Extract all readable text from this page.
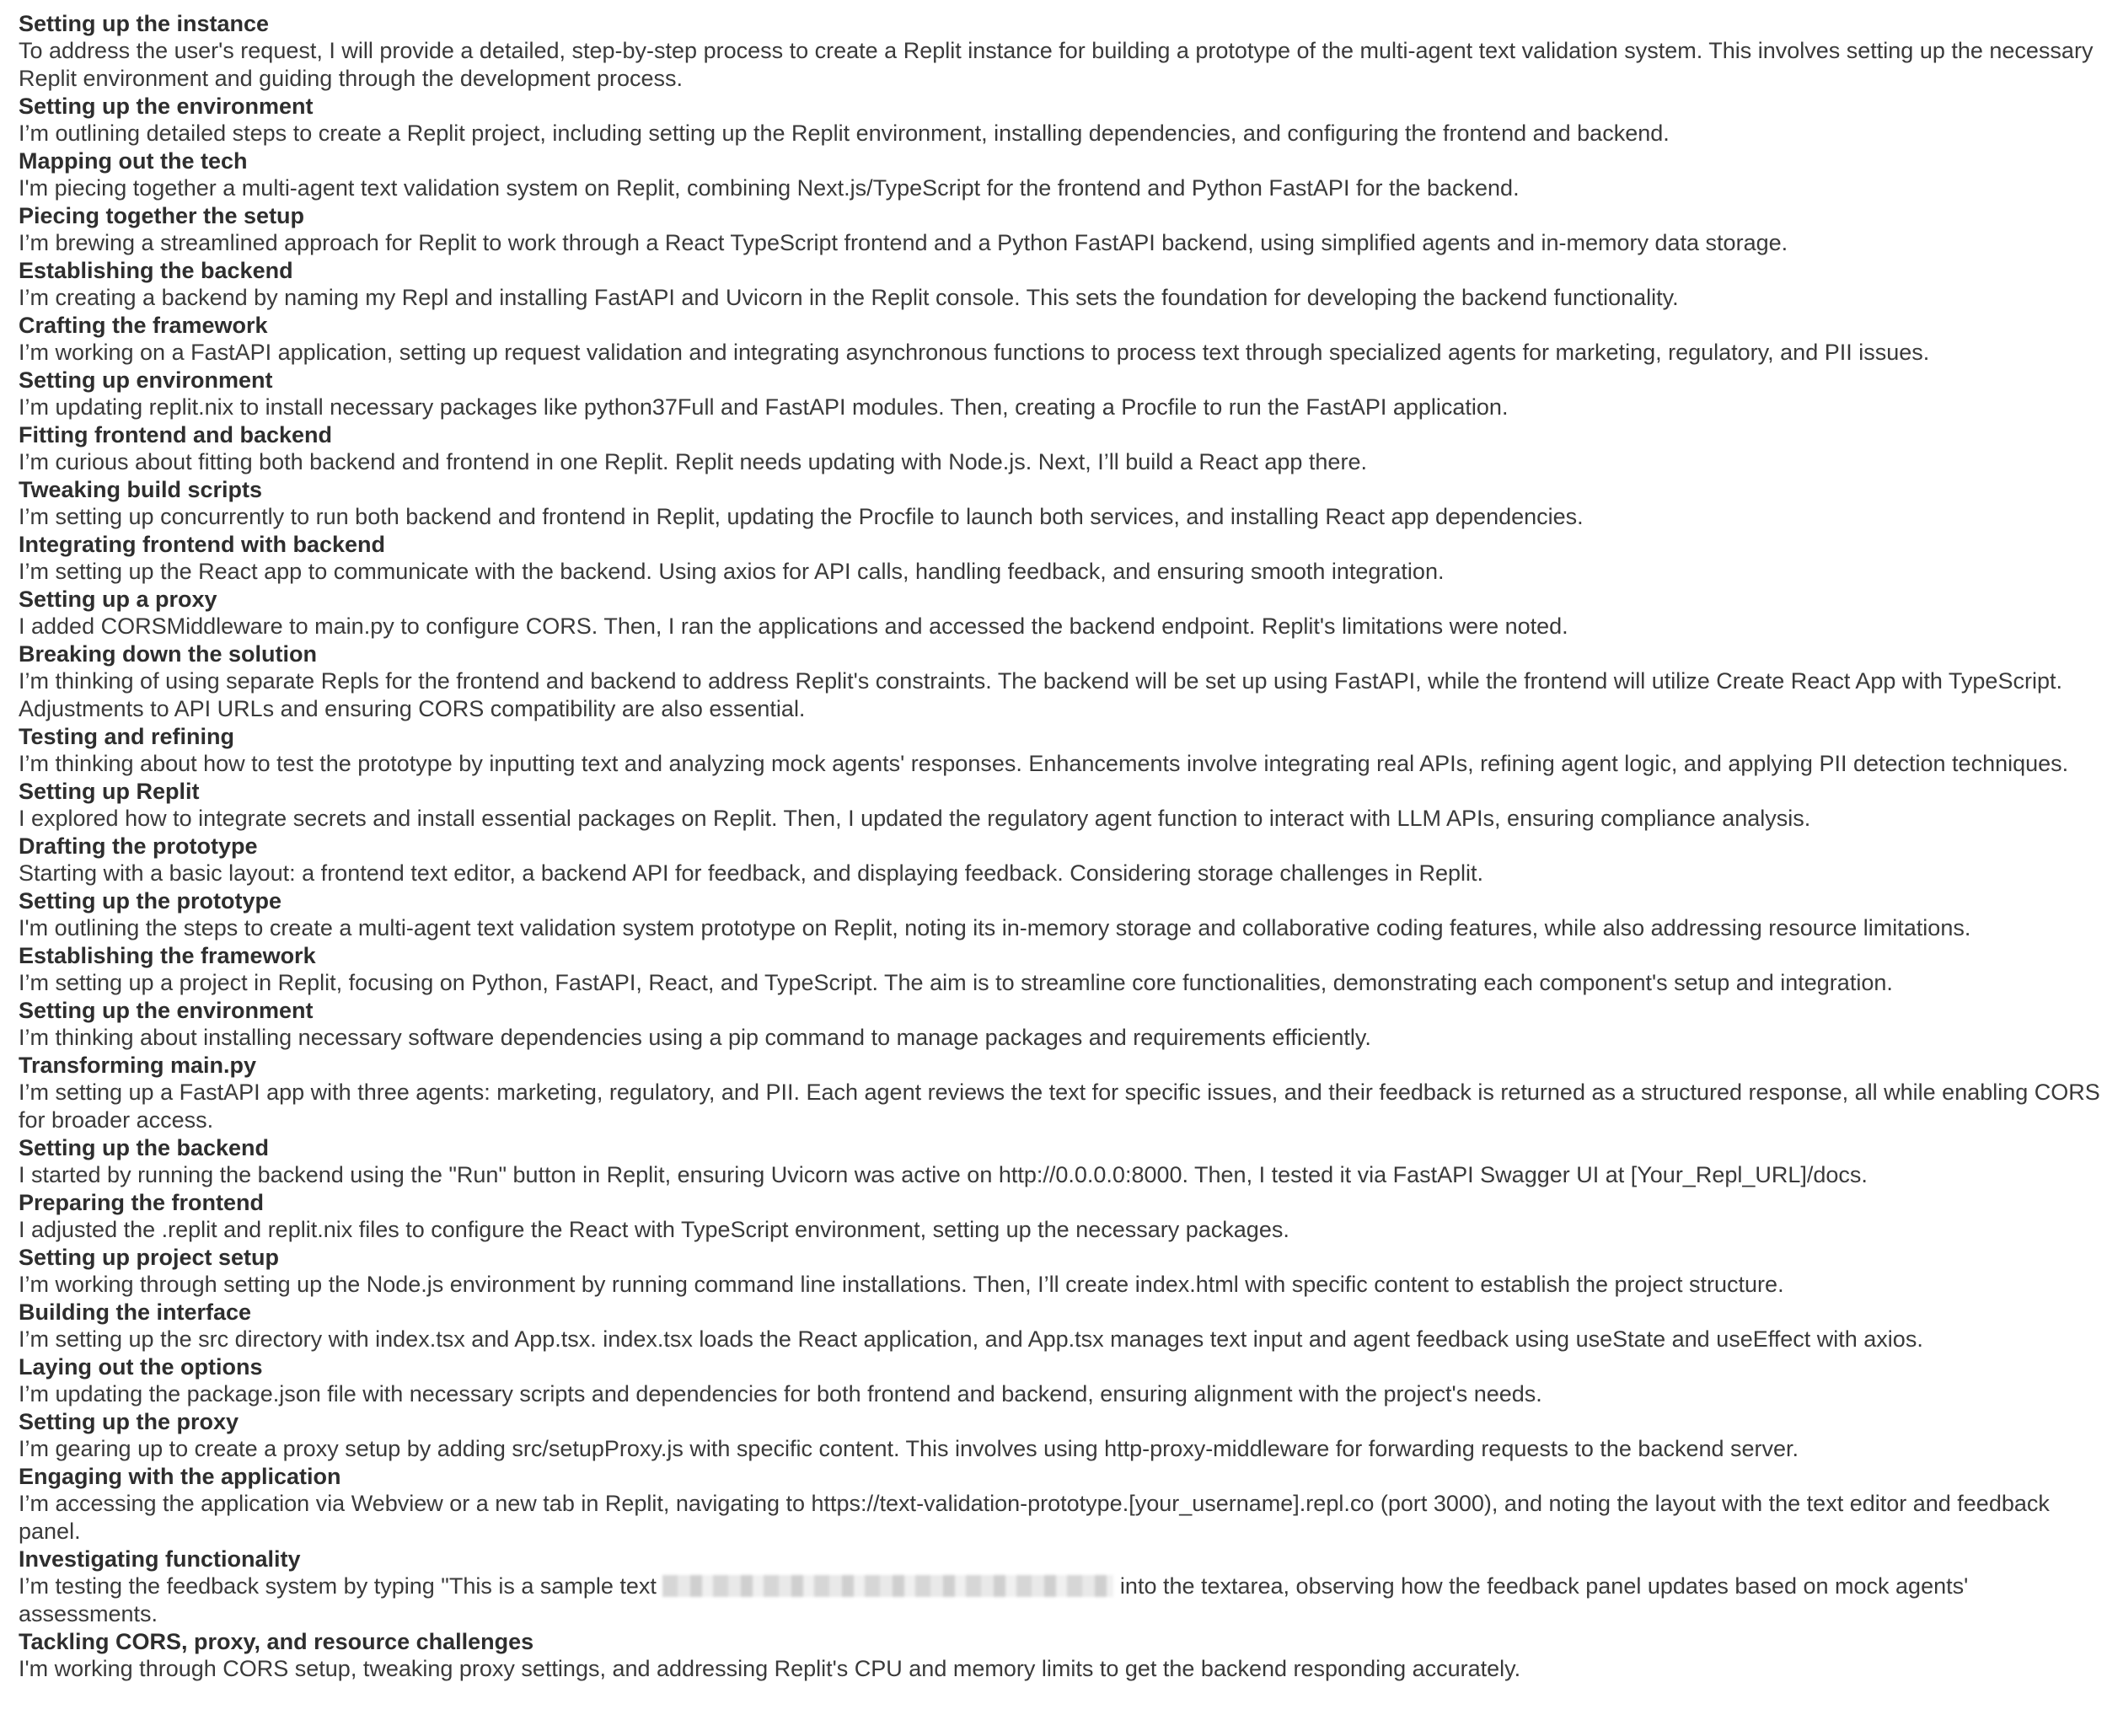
Setting up the instance
To address the user's request, I will provide a detailed, step-by-step process to create a Replit instance for building a prototype of the multi-agent text validation system. This involves setting up the necessary Replit environment and guiding through the development process.
Setting up the environment
I’m outlining detailed steps to create a Replit project, including setting up the Replit environment, installing dependencies, and configuring the frontend and backend.
Mapping out the tech
I'm piecing together a multi-agent text validation system on Replit, combining Next.js/TypeScript for the frontend and Python FastAPI for the backend.
Piecing together the setup
I’m brewing a streamlined approach for Replit to work through a React TypeScript frontend and a Python FastAPI backend, using simplified agents and in-memory data storage.
Establishing the backend
I’m creating a backend by naming my Repl and installing FastAPI and Uvicorn in the Replit console. This sets the foundation for developing the backend functionality.
Crafting the framework
I’m working on a FastAPI application, setting up request validation and integrating asynchronous functions to process text through specialized agents for marketing, regulatory, and PII issues.
Setting up environment
I’m updating replit.nix to install necessary packages like python37Full and FastAPI modules. Then, creating a Procfile to run the FastAPI application.
Fitting frontend and backend
I’m curious about fitting both backend and frontend in one Replit. Replit needs updating with Node.js. Next, I’ll build a React app there.
Tweaking build scripts
I’m setting up concurrently to run both backend and frontend in Replit, updating the Procfile to launch both services, and installing React app dependencies.
Integrating frontend with backend
I’m setting up the React app to communicate with the backend. Using axios for API calls, handling feedback, and ensuring smooth integration.
Setting up a proxy
I added CORSMiddleware to main.py to configure CORS. Then, I ran the applications and accessed the backend endpoint. Replit's limitations were noted.
Breaking down the solution
I’m thinking of using separate Repls for the frontend and backend to address Replit's constraints. The backend will be set up using FastAPI, while the frontend will utilize Create React App with TypeScript. Adjustments to API URLs and ensuring CORS compatibility are also essential.
Testing and refining
I’m thinking about how to test the prototype by inputting text and analyzing mock agents' responses. Enhancements involve integrating real APIs, refining agent logic, and applying PII detection techniques.
Setting up Replit
I explored how to integrate secrets and install essential packages on Replit. Then, I updated the regulatory agent function to interact with LLM APIs, ensuring compliance analysis.
Drafting the prototype
Starting with a basic layout: a frontend text editor, a backend API for feedback, and displaying feedback. Considering storage challenges in Replit.
Setting up the prototype
I'm outlining the steps to create a multi-agent text validation system prototype on Replit, noting its in-memory storage and collaborative coding features, while also addressing resource limitations.
Establishing the framework
I’m setting up a project in Replit, focusing on Python, FastAPI, React, and TypeScript. The aim is to streamline core functionalities, demonstrating each component's setup and integration.
Setting up the environment
I’m thinking about installing necessary software dependencies using a pip command to manage packages and requirements efficiently.
Transforming main.py
I’m setting up a FastAPI app with three agents: marketing, regulatory, and PII. Each agent reviews the text for specific issues, and their feedback is returned as a structured response, all while enabling CORS for broader access.
Setting up the backend
I started by running the backend using the "Run" button in Replit, ensuring Uvicorn was active on http://0.0.0.0:8000. Then, I tested it via FastAPI Swagger UI at [Your_Repl_URL]/docs.
Preparing the frontend
I adjusted the .replit and replit.nix files to configure the React with TypeScript environment, setting up the necessary packages.
Setting up project setup
I’m working through setting up the Node.js environment by running command line installations. Then, I’ll create index.html with specific content to establish the project structure.
Building the interface
I’m setting up the src directory with index.tsx and App.tsx. index.tsx loads the React application, and App.tsx manages text input and agent feedback using useState and useEffect with axios.
Laying out the options
I’m updating the package.json file with necessary scripts and dependencies for both frontend and backend, ensuring alignment with the project's needs.
Setting up the proxy
I’m gearing up to create a proxy setup by adding src/setupProxy.js with specific content. This involves using http-proxy-middleware for forwarding requests to the backend server.
Engaging with the application
I’m accessing the application via Webview or a new tab in Replit, navigating to https://text-validation-prototype.[your_username].repl.co (port 3000), and noting the layout with the text editor and feedback panel.
Investigating functionality
I’m testing the feedback system by typing "This is a sample text	into the textarea, observing how the feedback panel updates based on mock agents' assessments.
Tackling CORS, proxy, and resource challenges
I'm working through CORS setup, tweaking proxy settings, and addressing Replit's CPU and memory limits to get the backend responding accurately.
